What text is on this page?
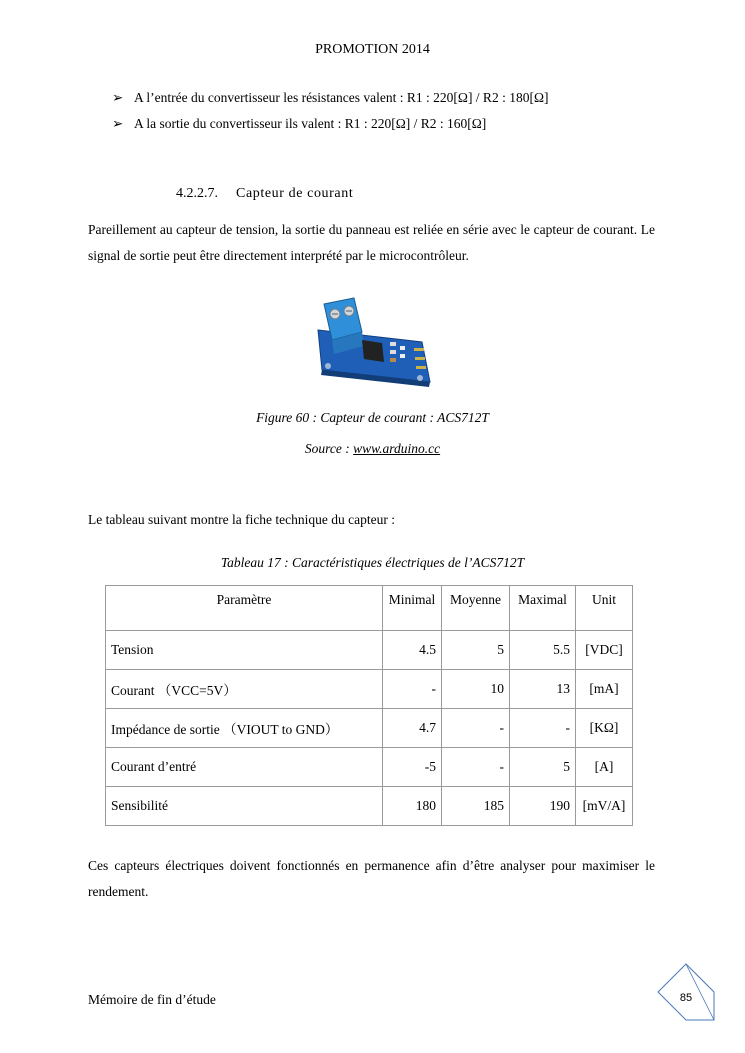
PROMOTION 2014
➢ A l’entrée du convertisseur les résistances valent : R1 : 220[Ω] / R2 : 180[Ω]
➢ A la sortie du convertisseur ils valent : R1 : 220[Ω] / R2 : 160[Ω]
4.2.2.7. Capteur de courant
Pareillement au capteur de tension, la sortie du panneau est reliée en série avec le capteur de courant. Le signal de sortie peut être directement interprété par le microcontrôleur.
Figure 60 : Capteur de courant : ACS712T
Source : www.arduino.cc
Le tableau suivant montre la fiche technique du capteur :
Tableau 17 : Caractéristiques électriques de l’ACS712T
Paramètre	Minimal	Moyenne	Maximal	Unit
Tension	4.5	5	5.5	[VDC]
Courant （VCC=5V）	-	10	13	[mA]
Impédance de sortie （VIOUT to GND）	4.7	-	-	[KΩ]
Courant d’entré	-5	-	5	[A]
Sensibilité	180	185	190	[mV/A]
Ces capteurs électriques doivent fonctionnés en permanence afin d’être analyser pour maximiser le rendement.
Mémoire de fin d’étude	85
